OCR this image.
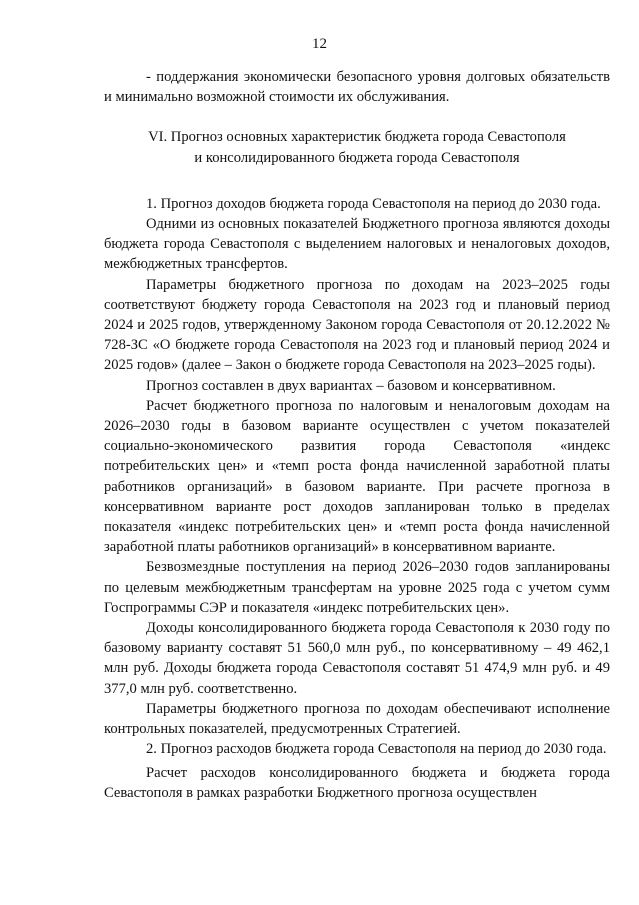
12

- поддержания экономически безопасного уровня долговых обязательств и минимально возможной стоимости их обслуживания.

VI. Прогноз основных характеристик бюджета города Севастополя

и консолидированного бюджета города Севастополя

1. Прогноз доходов бюджета города Севастополя на период до 2030 года.

Одними из основных показателей Бюджетного прогноза являются доходы бюджета города Севастополя с выделением налоговых и неналоговых доходов, межбюджетных трансфертов.

Параметры бюджетного прогноза по доходам на 2023–2025 годы соответствуют бюджету города Севастополя на 2023 год и плановый период 2024 и 2025 годов, утвержденному Законом города Севастополя от 20.12.2022 № 728-ЗС «О бюджете города Севастополя на 2023 год и плановый период 2024 и 2025 годов» (далее – Закон о бюджете города Севастополя на 2023–2025 годы).

Прогноз составлен в двух вариантах – базовом и консервативном.

Расчет бюджетного прогноза по налоговым и неналоговым доходам на 2026–2030 годы в базовом варианте осуществлен с учетом показателей социально-экономического развития города Севастополя «индекс потребительских цен» и «темп роста фонда начисленной заработной платы работников организаций» в базовом варианте. При расчете прогноза в консервативном варианте рост доходов запланирован только в пределах показателя «индекс потребительских цен» и «темп роста фонда начисленной заработной платы работников организаций» в консервативном варианте.

Безвозмездные поступления на период 2026–2030 годов запланированы по целевым межбюджетным трансфертам на уровне 2025 года с учетом сумм Госпрограммы СЭР и показателя «индекс потребительских цен».

Доходы консолидированного бюджета города Севастополя к 2030 году по базовому варианту составят 51 560,0 млн руб., по консервативному – 49 462,1 млн руб. Доходы бюджета города Севастополя составят 51 474,9 млн руб. и 49 377,0 млн руб. соответственно.

Параметры бюджетного прогноза по доходам обеспечивают исполнение контрольных показателей, предусмотренных Стратегией.

2. Прогноз расходов бюджета города Севастополя на период до 2030 года.

Расчет расходов консолидированного бюджета и бюджета города Севастополя в рамках разработки Бюджетного прогноза осуществлен
